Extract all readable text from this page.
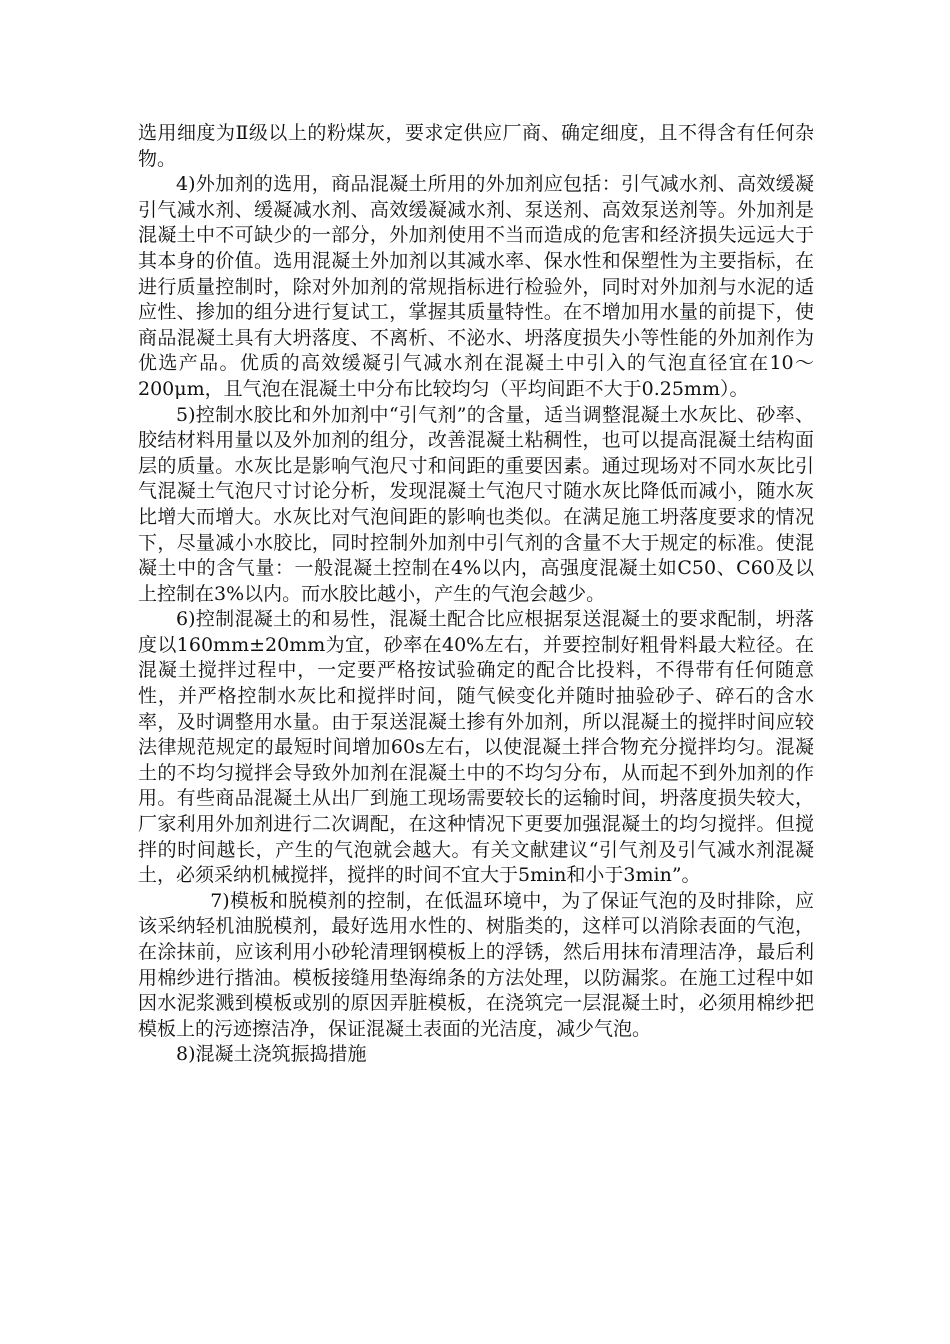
选用细度为Ⅱ级以上的粉煤灰，要求定供应厂商、确定细度，且不得含有任何杂物。

4)外加剂的选用，商品混凝土所用的外加剂应包括：引气减水剂、高效缓凝引气减水剂、缓凝减水剂、高效缓凝减水剂、泵送剂、高效泵送剂等。外加剂是混凝土中不可缺少的一部分，外加剂使用不当而造成的危害和经济损失远远大于其本身的价值。选用混凝土外加剂以其减水率、保水性和保塑性为主要指标，在进行质量控制时，除对外加剂的常规指标进行检验外，同时对外加剂与水泥的适应性、掺加的组分进行复试工，掌握其质量特性。在不增加用水量的前提下，使商品混凝土具有大坍落度、不离析、不泌水、坍落度损失小等性能的外加剂作为优选产品。优质的高效缓凝引气减水剂在混凝土中引入的气泡直径宜在10～200μm，且气泡在混凝土中分布比较均匀（平均间距不大于0.25mm）。

5)控制水胶比和外加剂中“引气剂”的含量，适当调整混凝土水灰比、砂率、胶结材料用量以及外加剂的组分，改善混凝土粘稠性，也可以提高混凝土结构面层的质量。水灰比是影响气泡尺寸和间距的重要因素。通过现场对不同水灰比引气混凝土气泡尺寸讨论分析，发现混凝土气泡尺寸随水灰比降低而减小，随水灰比增大而增大。水灰比对气泡间距的影响也类似。在满足施工坍落度要求的情况下，尽量减小水胶比，同时控制外加剂中引气剂的含量不大于规定的标准。使混凝土中的含气量：一般混凝土控制在4%以内，高强度混凝土如C50、C60及以上控制在3%以内。而水胶比越小，产生的气泡会越少。

6)控制混凝土的和易性，混凝土配合比应根据泵送混凝土的要求配制，坍落度以160mm±20mm为宜，砂率在40%左右，并要控制好粗骨料最大粒径。在混凝土搅拌过程中，一定要严格按试验确定的配合比投料，不得带有任何随意性，并严格控制水灰比和搅拌时间，随气候变化并随时抽验砂子、碎石的含水率，及时调整用水量。由于泵送混凝土掺有外加剂，所以混凝土的搅拌时间应较法律规范规定的最短时间增加60s左右，以使混凝土拌合物充分搅拌均匀。混凝土的不均匀搅拌会导致外加剂在混凝土中的不均匀分布，从而起不到外加剂的作用。有些商品混凝土从出厂到施工现场需要较长的运输时间，坍落度损失较大，厂家利用外加剂进行二次调配，在这种情况下更要加强混凝土的均匀搅拌。但搅拌的时间越长，产生的气泡就会越大。有关文献建议“引气剂及引气减水剂混凝土，必须采纳机械搅拌，搅拌的时间不宜大于5min和小于3min”。

7)模板和脱模剂的控制，在低温环境中，为了保证气泡的及时排除，应该采纳轻机油脱模剂，最好选用水性的、树脂类的，这样可以消除表面的气泡，在涂抹前，应该利用小砂轮清理钢模板上的浮锈，然后用抹布清理洁净，最后利用棉纱进行揩油。模板接缝用垫海绵条的方法处理，以防漏浆。在施工过程中如因水泥浆溅到模板或别的原因弄脏模板，在浇筑完一层混凝土时，必须用棉纱把模板上的污迹擦洁净，保证混凝土表面的光洁度，减少气泡。

8)混凝土浇筑振捣措施
